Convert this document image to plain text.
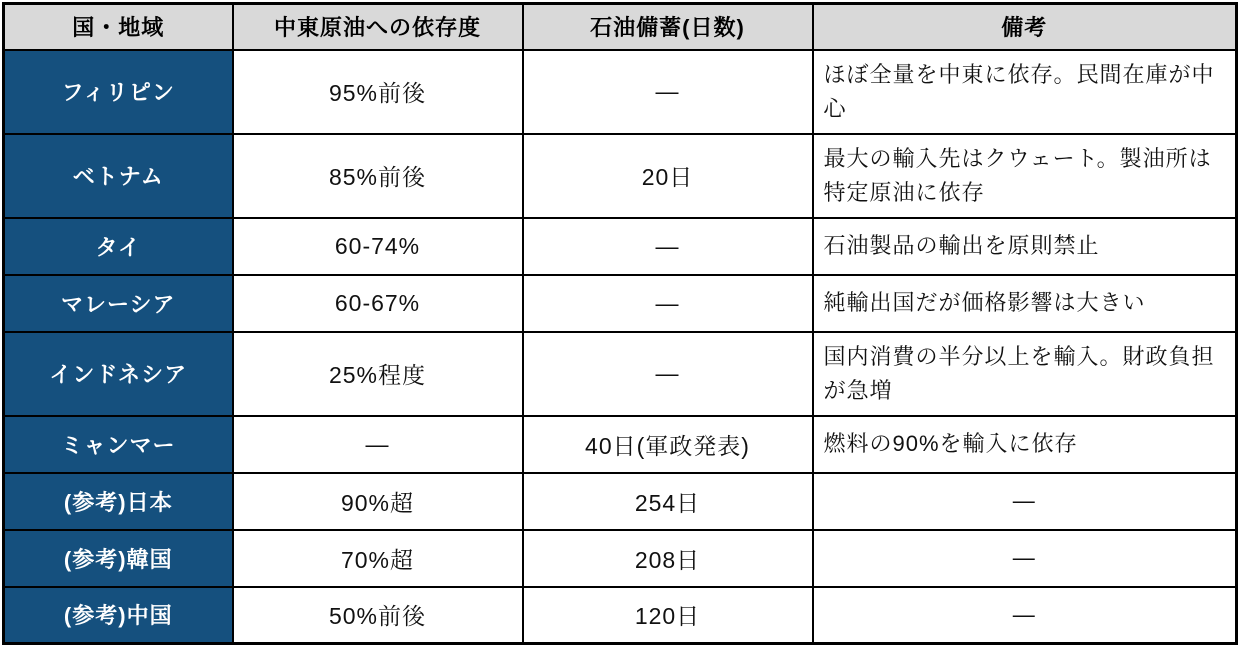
国・地域	中東原油への依存度	石油備蓄(日数)	備考
フィリピン	95%前後	—	ほぼ全量を中東に依存。民間在庫が中心
ベトナム	85%前後	20日	最大の輸入先はクウェート。製油所は特定原油に依存
タイ	60-74%	—	石油製品の輸出を原則禁止
マレーシア	60-67%	—	純輸出国だが価格影響は大きい
インドネシア	25%程度	—	国内消費の半分以上を輸入。財政負担が急増
ミャンマー	—	40日(軍政発表)	燃料の90%を輸入に依存
(参考)日本	90%超	254日	—
(参考)韓国	70%超	208日	—
(参考)中国	50%前後	120日	—
